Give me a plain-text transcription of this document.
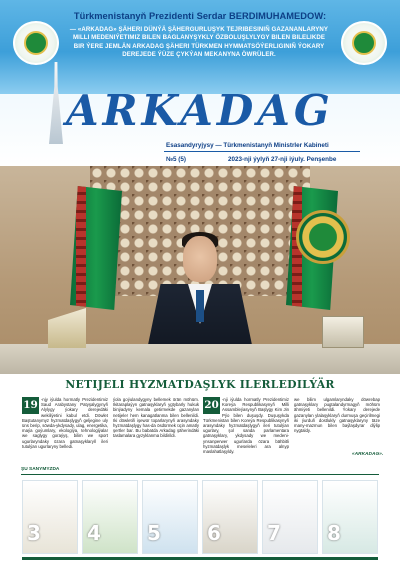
Türkmenistanyň Prezidenti Serdar BERDIMUHAMEDOW:
— «ARKADAG» ŞÄHERI DÜNÝÄ ŞÄHERGURLUŞYK TEJRIBESINIŇ GAZANANLARYNY MILLI MEDENIÝETIMIZ BILEN BAGLANYŞYKLY ÖZBOLUŞLYLYGY BILEN BILELIKDE BIR ÝERE JEMLÄN ARKADAG ŞÄHERI TÜRKMEN HYMMATSÖÝERLIGINIŇ ÝOKARY DEREJEDE ÝÜZE ÇYKÝAN MEKANYNA ÖWRÜLER.
ARKADAG
Esasandyryjysy — Türkmenistanyň Ministrler Kabineti
№5 (5)	2023-nji ýylyň 27-nji iýuly. Penşenbe
NETIJELI HYZMATDAŞLYK ILERLEDILÝÄR
19 -njy iýulda hormatly Prezidentimiz Saud Arabystany Patyşalygynyň Alylygy ýokary derejedäki wekiliýetini kabul etdi. Döwlet Baştutanymyz hyzmatdaşlygyň geljegine uly üns berip, söwda-ykdysady, ulag, energetika, maýa goýumlary, ekologiýa, tehnologiýalar we saglygy goraýyş, bilim we sport ugurlaryndaky özara gatnaşyklaryň ileri tutulýan ugurlaryny belledi.
ýola goýulandygyny bellemek örän möhüm. Ikitaraplaýyn gatnaşyklaryň ygtybarly hukuk binýadyny kemala getirmekde gazanylan netijeler hem kanagatlanma bilen bellenildi. Iki döwletiň işewür toparlarynyň arasyndaky hyzmatdaşlygy has-da ösdürmek üçin amatly şertler bar. Bu babatda Arkadag şäherindäki taslamalara gyzyklanma bildirildi.
20 -nji iýulda hormatly Prezidentimiz Koreýa Respublikasynyň Milli Assambleýasynyň Başlygy Kim Jin Pýo bilen duşuşdy. Duşuşykda Türkmenistan bilen Koreýa Respublikasynyň arasyndaky hyzmatdaşlygyň ileri tutulýan ugurlary, şol sanda parlamentara gatnaşyklary, ykdysady we medeni-ynsanperwer ugurlarda özara bähbitli hyzmatdaşlyk meseleleri ara alnyp maslahatlaşyldy.
we bilim ulgamlaryndaky döwrebap gatnaşyklary pugtalandyrmagyň möhüm ähmiýeti bellenildi. Ýokary derejede gazanylan ylalaşyklaryň durmuşa geçirilmegi iki ýurduň dostlukly gatnaşyklaryny täze many-mazmun bilen baýlaşdyrar diýlip nygtaldy.
«ARKADAG».
ŞU SANYMYZDA
3 4 5 6 7 8
